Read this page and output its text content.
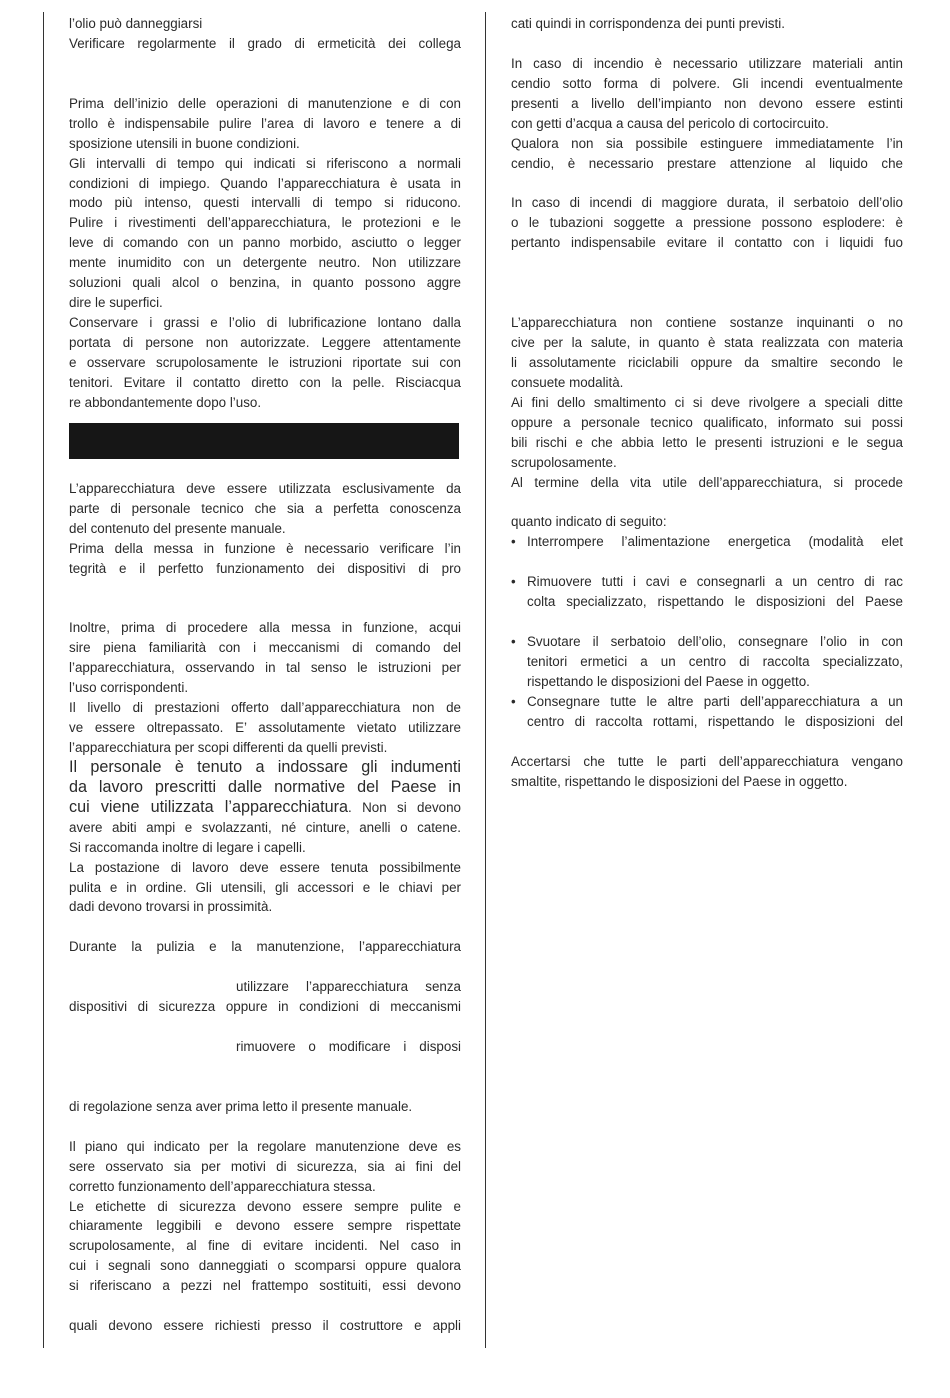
l’olio può danneggiarsi
Verificare regolarmente il grado di ermeticità dei collega
Prima dell’inizio delle operazioni di manutenzione e di con
trollo è indispensabile pulire l’area di lavoro e tenere a di
sposizione utensili in buone condizioni.
Gli intervalli di tempo qui indicati si riferiscono a normali
condizioni di impiego. Quando l’apparecchiatura è usata in
modo più intenso, questi intervalli di tempo si riducono.
Pulire i rivestimenti dell’apparecchiatura, le protezioni e le
leve di comando con un panno morbido, asciutto o legger
mente inumidito con un detergente neutro. Non utilizzare
soluzioni quali alcol o benzina, in quanto possono aggre
dire le superfici.
Conservare i grassi e l’olio di lubrificazione lontano dalla
portata di persone non autorizzate. Leggere attentamente
e osservare scrupolosamente le istruzioni riportate sui con
tenitori. Evitare il contatto diretto con la pelle. Risciacqua
re abbondantemente dopo l’uso.
L’apparecchiatura deve essere utilizzata esclusivamente da
parte di personale tecnico che sia a perfetta conoscenza
del contenuto del presente manuale.
Prima della messa in funzione è necessario verificare l’in
tegrità e il perfetto funzionamento dei dispositivi di pro
Inoltre, prima di procedere alla messa in funzione, acqui
sire piena familiarità con i meccanismi di comando del
l’apparecchiatura, osservando in tal senso le istruzioni per
l’uso corrispondenti.
Il livello di prestazioni offerto dall’apparecchiatura non de
ve essere oltrepassato. E’ assolutamente vietato utilizzare
l’apparecchiatura per scopi differenti da quelli previsti.
Il personale è tenuto a indossare gli indumenti
da lavoro prescritti dalle normative del Paese in
cui viene utilizzata l’apparecchiatura. Non si devono
avere abiti ampi e svolazzanti, né cinture, anelli o catene.
Si raccomanda inoltre di legare i capelli.
La postazione di lavoro deve essere tenuta possibilmente
pulita e in ordine. Gli utensili, gli accessori e le chiavi per
dadi devono trovarsi in prossimità.
Durante la pulizia e la manutenzione, l’apparecchiatura
utilizzare l’apparecchiatura senza
dispositivi di sicurezza oppure in condizioni di meccanismi
rimuovere o modificare i disposi
di regolazione senza aver prima letto il presente manuale.
Il piano qui indicato per la regolare manutenzione deve es
sere osservato sia per motivi di sicurezza, sia ai fini del
corretto funzionamento dell’apparecchiatura stessa.
Le etichette di sicurezza devono essere sempre pulite e
chiaramente leggibili e devono essere sempre rispettate
scrupolosamente, al fine di evitare incidenti. Nel caso in
cui i segnali sono danneggiati o scomparsi oppure qualora
si riferiscano a pezzi nel frattempo sostituiti, essi devono
quali devono essere richiesti presso il costruttore e appli
cati quindi in corrispondenza dei punti previsti.
In caso di incendio è necessario utilizzare materiali antin
cendio sotto forma di polvere. Gli incendi eventualmente
presenti a livello dell’impianto non devono essere estinti
con getti d’acqua a causa del pericolo di cortocircuito.
Qualora non sia possibile estinguere immediatamente l’in
cendio, è necessario prestare attenzione al liquido che
In caso di incendi di maggiore durata, il serbatoio dell’olio
o le tubazioni soggette a pressione possono esplodere: è
pertanto indispensabile evitare il contatto con i liquidi fuo
L’apparecchiatura non contiene sostanze inquinanti o no
cive per la salute, in quanto è stata realizzata con materia
li assolutamente riciclabili oppure da smaltire secondo le
consuete modalità.
Ai fini dello smaltimento ci si deve rivolgere a speciali ditte
oppure a personale tecnico qualificato, informato sui possi
bili rischi e che abbia letto le presenti istruzioni e le segua
scrupolosamente.
Al termine della vita utile dell’apparecchiatura, si procede
quanto indicato di seguito:
• Interrompere l’alimentazione energetica (modalità elet
• Rimuovere tutti i cavi e consegnarli a un centro di rac
colta specializzato, rispettando le disposizioni del Paese
• Svuotare il serbatoio dell’olio, consegnare l’olio in con
tenitori ermetici a un centro di raccolta specializzato,
rispettando le disposizioni del Paese in oggetto.
• Consegnare tutte le altre parti dell’apparecchiatura a un
centro di raccolta rottami, rispettando le disposizioni del
Accertarsi che tutte le parti dell’apparecchiatura vengano
smaltite, rispettando le disposizioni del Paese in oggetto.
